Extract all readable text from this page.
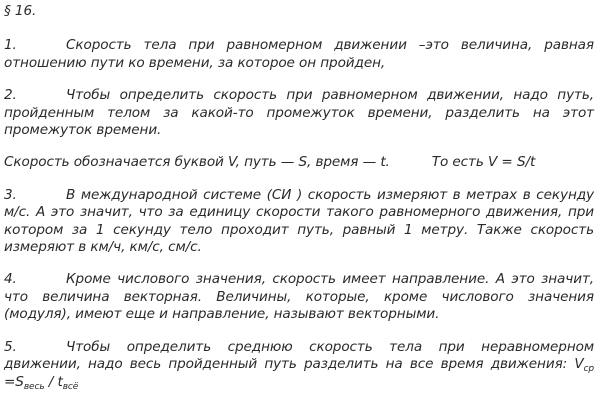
§ 16.
1.	Скорость тела при равномерном движении –это величина, равная отношению пути ко времени, за которое он пройден,
2.	Чтобы определить скорость при равномерном движении, надо путь, пройденным телом за какой-то промежуток времени, разделить на этот промежуток времени.
Скорость обозначается буквой V, путь — S, время — t.	То есть V = S/t
3.	В международной системе (СИ ) скорость измеряют в метрах в секунду м/с. А это значит, что за единицу скорости такого равномерного движения, при котором за 1 секунду тело проходит путь, равный 1 метру. Также скорость измеряют в км/ч, км/с, см/с.
4.	Кроме числового значения, скорость имеет направление. А это значит, что величина векторная. Величины, которые, кроме числового значения (модуля), имеют еще и направление, называют векторными.
5.	Чтобы определить среднюю скорость тела при неравномерном движении, надо весь пройденный путь разделить на все время движения: $V_{ср} =S_{весь} / t_{всё}$
